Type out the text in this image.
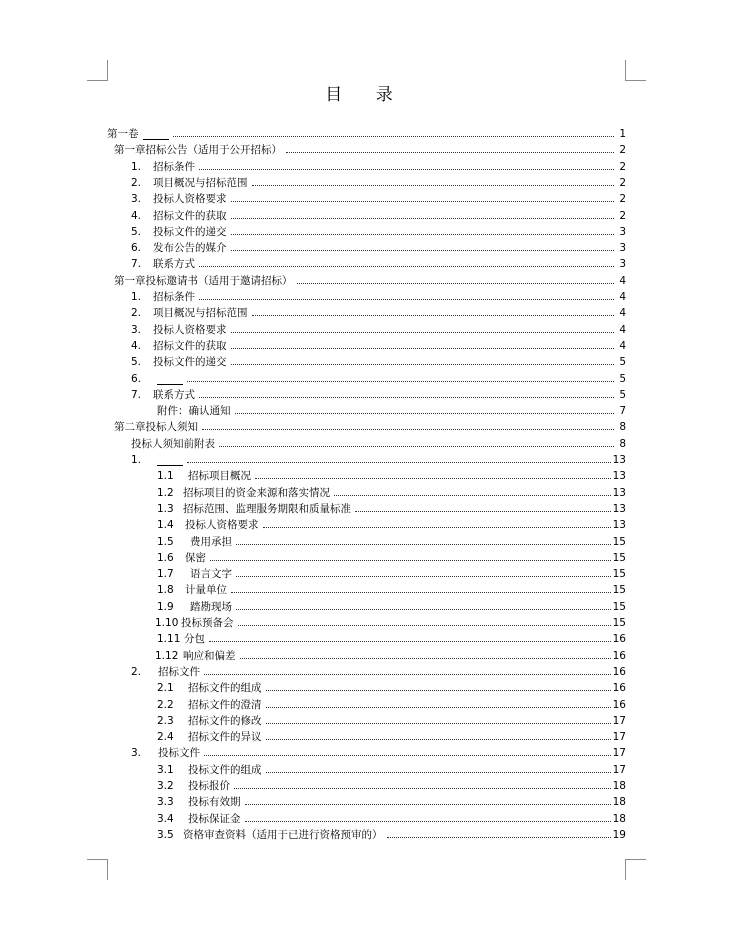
目 录
第一卷	1
第一章招标公告（适用于公开招标）	2
1.	招标条件	2
2.	项目概况与招标范围	2
3.	投标人资格要求	2
4.	招标文件的获取	2
5.	投标文件的递交	3
6.	发布公告的媒介	3
7.	联系方式	3
第一章投标邀请书（适用于邀请招标）	4
1.	招标条件	4
2.	项目概况与招标范围	4
3.	投标人资格要求	4
4.	招标文件的获取	4
5.	投标文件的递交	5
6.	5
7.	联系方式	5
附件：确认通知	7
第二章投标人须知	8
投标人须知前附表	8
1.	13
1.1	招标项目概况	13
1.2 招标项目的资金来源和落实情况	13
1.3 招标范围、监理服务期限和质量标准	13
1.4	投标人资格要求	13
1.5	费用承担	15
1.6	保密	15
1.7	语言文字	15
1.8	计量单位	15
1.9	踏勘现场	15
1.10 投标预备会	15
1.11 分包	16
1.12 响应和偏差	16
2.	招标文件	16
2.1	招标文件的组成	16
2.2	招标文件的澄清	16
2.3	招标文件的修改	17
2.4	招标文件的异议	17
3.	投标文件	17
3.1	投标文件的组成	17
3.2	投标报价	18
3.3	投标有效期	18
3.4	投标保证金	18
3.5 资格审查资料（适用于已进行资格预审的）	19
